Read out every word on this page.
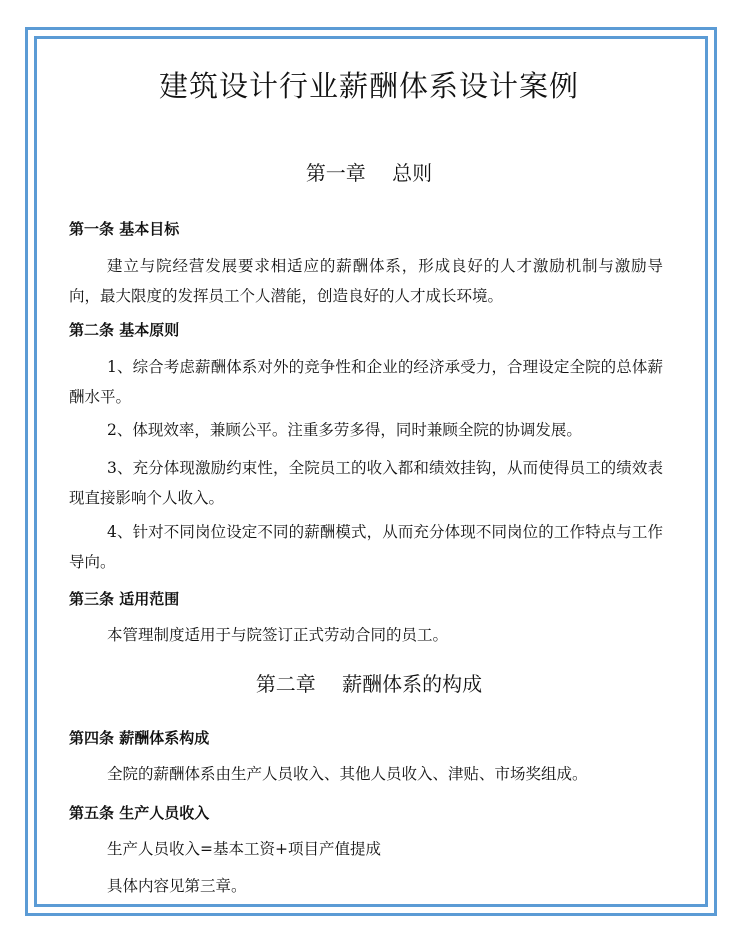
建筑设计行业薪酬体系设计案例
第一章　 总则
第一条 基本目标

建立与院经营发展要求相适应的薪酬体系，形成良好的人才激励机制与激励导向，最大限度的发挥员工个人潜能，创造良好的人才成长环境。

第二条 基本原则

1、综合考虑薪酬体系对外的竞争性和企业的经济承受力，合理设定全院的总体薪酬水平。

2、体现效率，兼顾公平。注重多劳多得，同时兼顾全院的协调发展。

3、充分体现激励约束性，全院员工的收入都和绩效挂钩，从而使得员工的绩效表现直接影响个人收入。

4、针对不同岗位设定不同的薪酬模式，从而充分体现不同岗位的工作特点与工作导向。

第三条 适用范围

本管理制度适用于与院签订正式劳动合同的员工。

第二章　 薪酬体系的构成
第四条 薪酬体系构成

全院的薪酬体系由生产人员收入、其他人员收入、津贴、市场奖组成。

第五条 生产人员收入

生产人员收入=基本工资+项目产值提成

具体内容见第三章。
